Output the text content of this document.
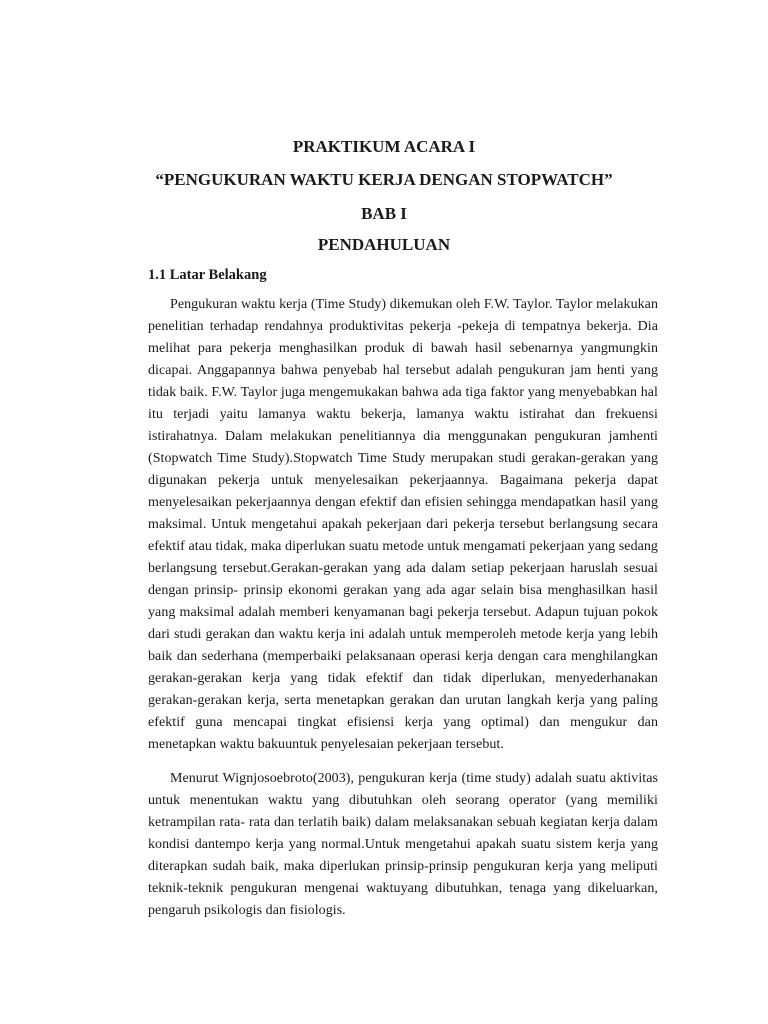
PRAKTIKUM ACARA I
“PENGUKURAN WAKTU KERJA DENGAN STOPWATCH”
BAB I
PENDAHULUAN
1.1 Latar Belakang

Pengukuran waktu kerja (Time Study) dikemukan oleh F.W. Taylor. Taylor melakukan penelitian terhadap rendahnya produktivitas pekerja -pekeja di tempatnya bekerja. Dia melihat para pekerja menghasilkan produk di bawah hasil sebenarnya yangmungkin dicapai. Anggapannya bahwa penyebab hal tersebut adalah pengukuran jam henti yang tidak baik. F.W. Taylor juga mengemukakan bahwa ada tiga faktor yang menyebabkan hal itu terjadi yaitu lamanya waktu bekerja, lamanya waktu istirahat dan frekuensi istirahatnya. Dalam melakukan penelitiannya dia menggunakan pengukuran jamhenti (Stopwatch Time Study).Stopwatch Time Study merupakan studi gerakan-gerakan yang digunakan pekerja untuk menyelesaikan pekerjaannya. Bagaimana pekerja dapat menyelesaikan pekerjaannya dengan efektif dan efisien sehingga mendapatkan hasil yang maksimal. Untuk mengetahui apakah pekerjaan dari pekerja tersebut berlangsung secara efektif atau tidak, maka diperlukan suatu metode untuk mengamati pekerjaan yang sedang berlangsung tersebut.Gerakan-gerakan yang ada dalam setiap pekerjaan haruslah sesuai dengan prinsip- prinsip ekonomi gerakan yang ada agar selain bisa menghasilkan hasil yang maksimal adalah memberi kenyamanan bagi pekerja tersebut. Adapun tujuan pokok dari studi gerakan dan waktu kerja ini adalah untuk memperoleh metode kerja yang lebih baik dan sederhana (memperbaiki pelaksanaan operasi kerja dengan cara menghilangkan gerakan-gerakan kerja yang tidak efektif dan tidak diperlukan, menyederhanakan gerakan-gerakan kerja, serta menetapkan gerakan dan urutan langkah kerja yang paling efektif guna mencapai tingkat efisiensi kerja yang optimal) dan mengukur dan menetapkan waktu bakuuntuk penyelesaian pekerjaan tersebut.

Menurut Wignjosoebroto(2003), pengukuran kerja (time study) adalah suatu aktivitas untuk menentukan waktu yang dibutuhkan oleh seorang operator (yang memiliki ketrampilan rata- rata dan terlatih baik) dalam melaksanakan sebuah kegiatan kerja dalam kondisi dantempo kerja yang normal.Untuk mengetahui apakah suatu sistem kerja yang diterapkan sudah baik, maka diperlukan prinsip-prinsip pengukuran kerja yang meliputi teknik-teknik pengukuran mengenai waktuyang dibutuhkan, tenaga yang dikeluarkan, pengaruh psikologis dan fisiologis.
